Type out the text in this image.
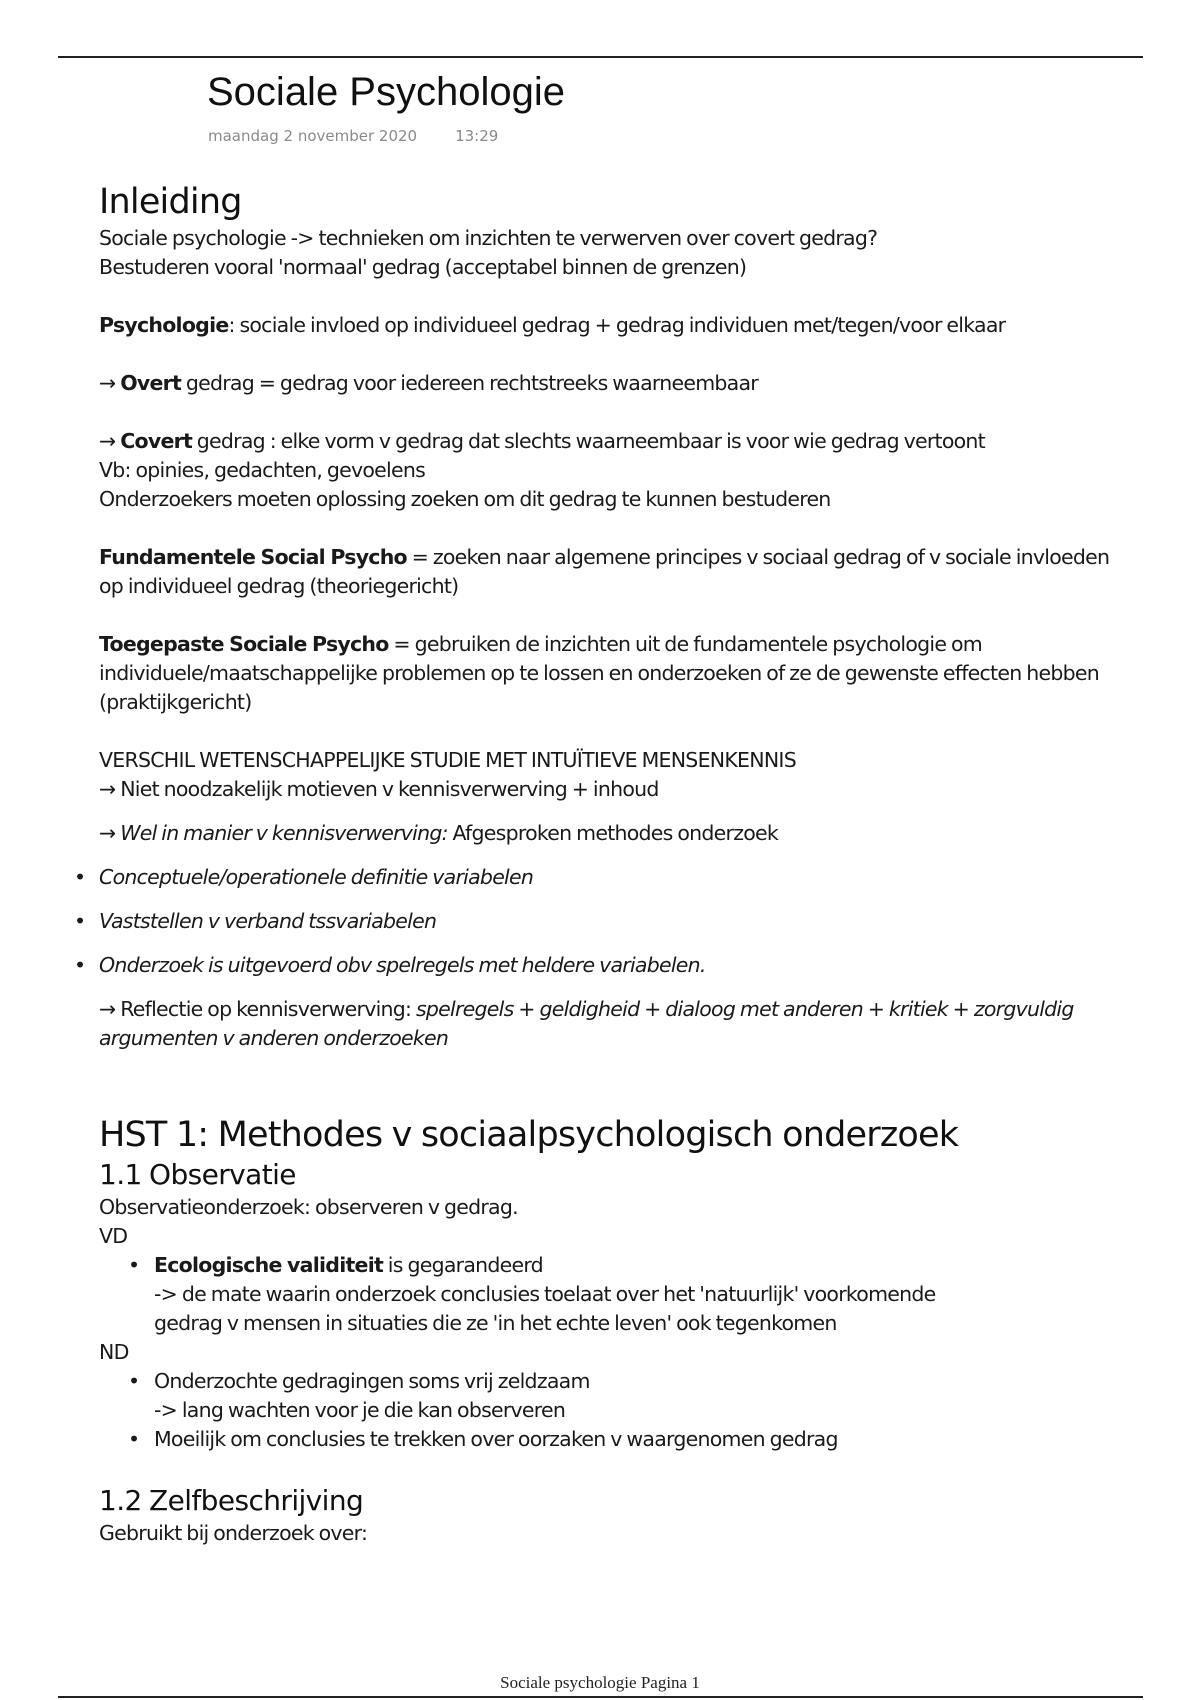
Sociale Psychologie
maandag 2 november 2020	13:29
Inleiding

Sociale psychologie -> technieken om inzichten te verwerven over covert gedrag?

Bestuderen vooral 'normaal' gedrag (acceptabel binnen de grenzen)

Psychologie: sociale invloed op individueel gedrag + gedrag individuen met/tegen/voor elkaar

→ Overt gedrag = gedrag voor iedereen rechtstreeks waarneembaar

→ Covert gedrag : elke vorm v gedrag dat slechts waarneembaar is voor wie gedrag vertoont

Vb: opinies, gedachten, gevoelens

Onderzoekers moeten oplossing zoeken om dit gedrag te kunnen bestuderen

Fundamentele Social Psycho = zoeken naar algemene principes v sociaal gedrag of v sociale invloeden op individueel gedrag (theoriegericht)

Toegepaste Sociale Psycho = gebruiken de inzichten uit de fundamentele psychologie om individuele/maatschappelijke problemen op te lossen en onderzoeken of ze de gewenste effecten hebben (praktijkgericht)

VERSCHIL WETENSCHAPPELIJKE STUDIE MET INTUÏTIEVE MENSENKENNIS

→ Niet noodzakelijk motieven v kennisverwerving + inhoud

→ Wel in manier v kennisverwerving: Afgesproken methodes onderzoek

• Conceptuele/operationele definitie variabelen
• Vaststellen v verband tssvariabelen
• Onderzoek is uitgevoerd obv spelregels met heldere variabelen.

→ Reflectie op kennisverwerving: spelregels + geldigheid + dialoog met anderen + kritiek + zorgvuldig argumenten v anderen onderzoeken

HST 1: Methodes v sociaalpsychologisch onderzoek
1.1 Observatie

Observatieonderzoek: observeren v gedrag.

VD

• Ecologische validiteit is gegarandeerd
-> de mate waarin onderzoek conclusies toelaat over het 'natuurlijk' voorkomende
gedrag v mensen in situaties die ze 'in het echte leven' ook tegenkomen

ND

• Onderzochte gedragingen soms vrij zeldzaam
-> lang wachten voor je die kan observeren
• Moeilijk om conclusies te trekken over oorzaken v waargenomen gedrag
1.2 Zelfbeschrijving

Gebruikt bij onderzoek over:

Sociale psychologie Pagina 1
